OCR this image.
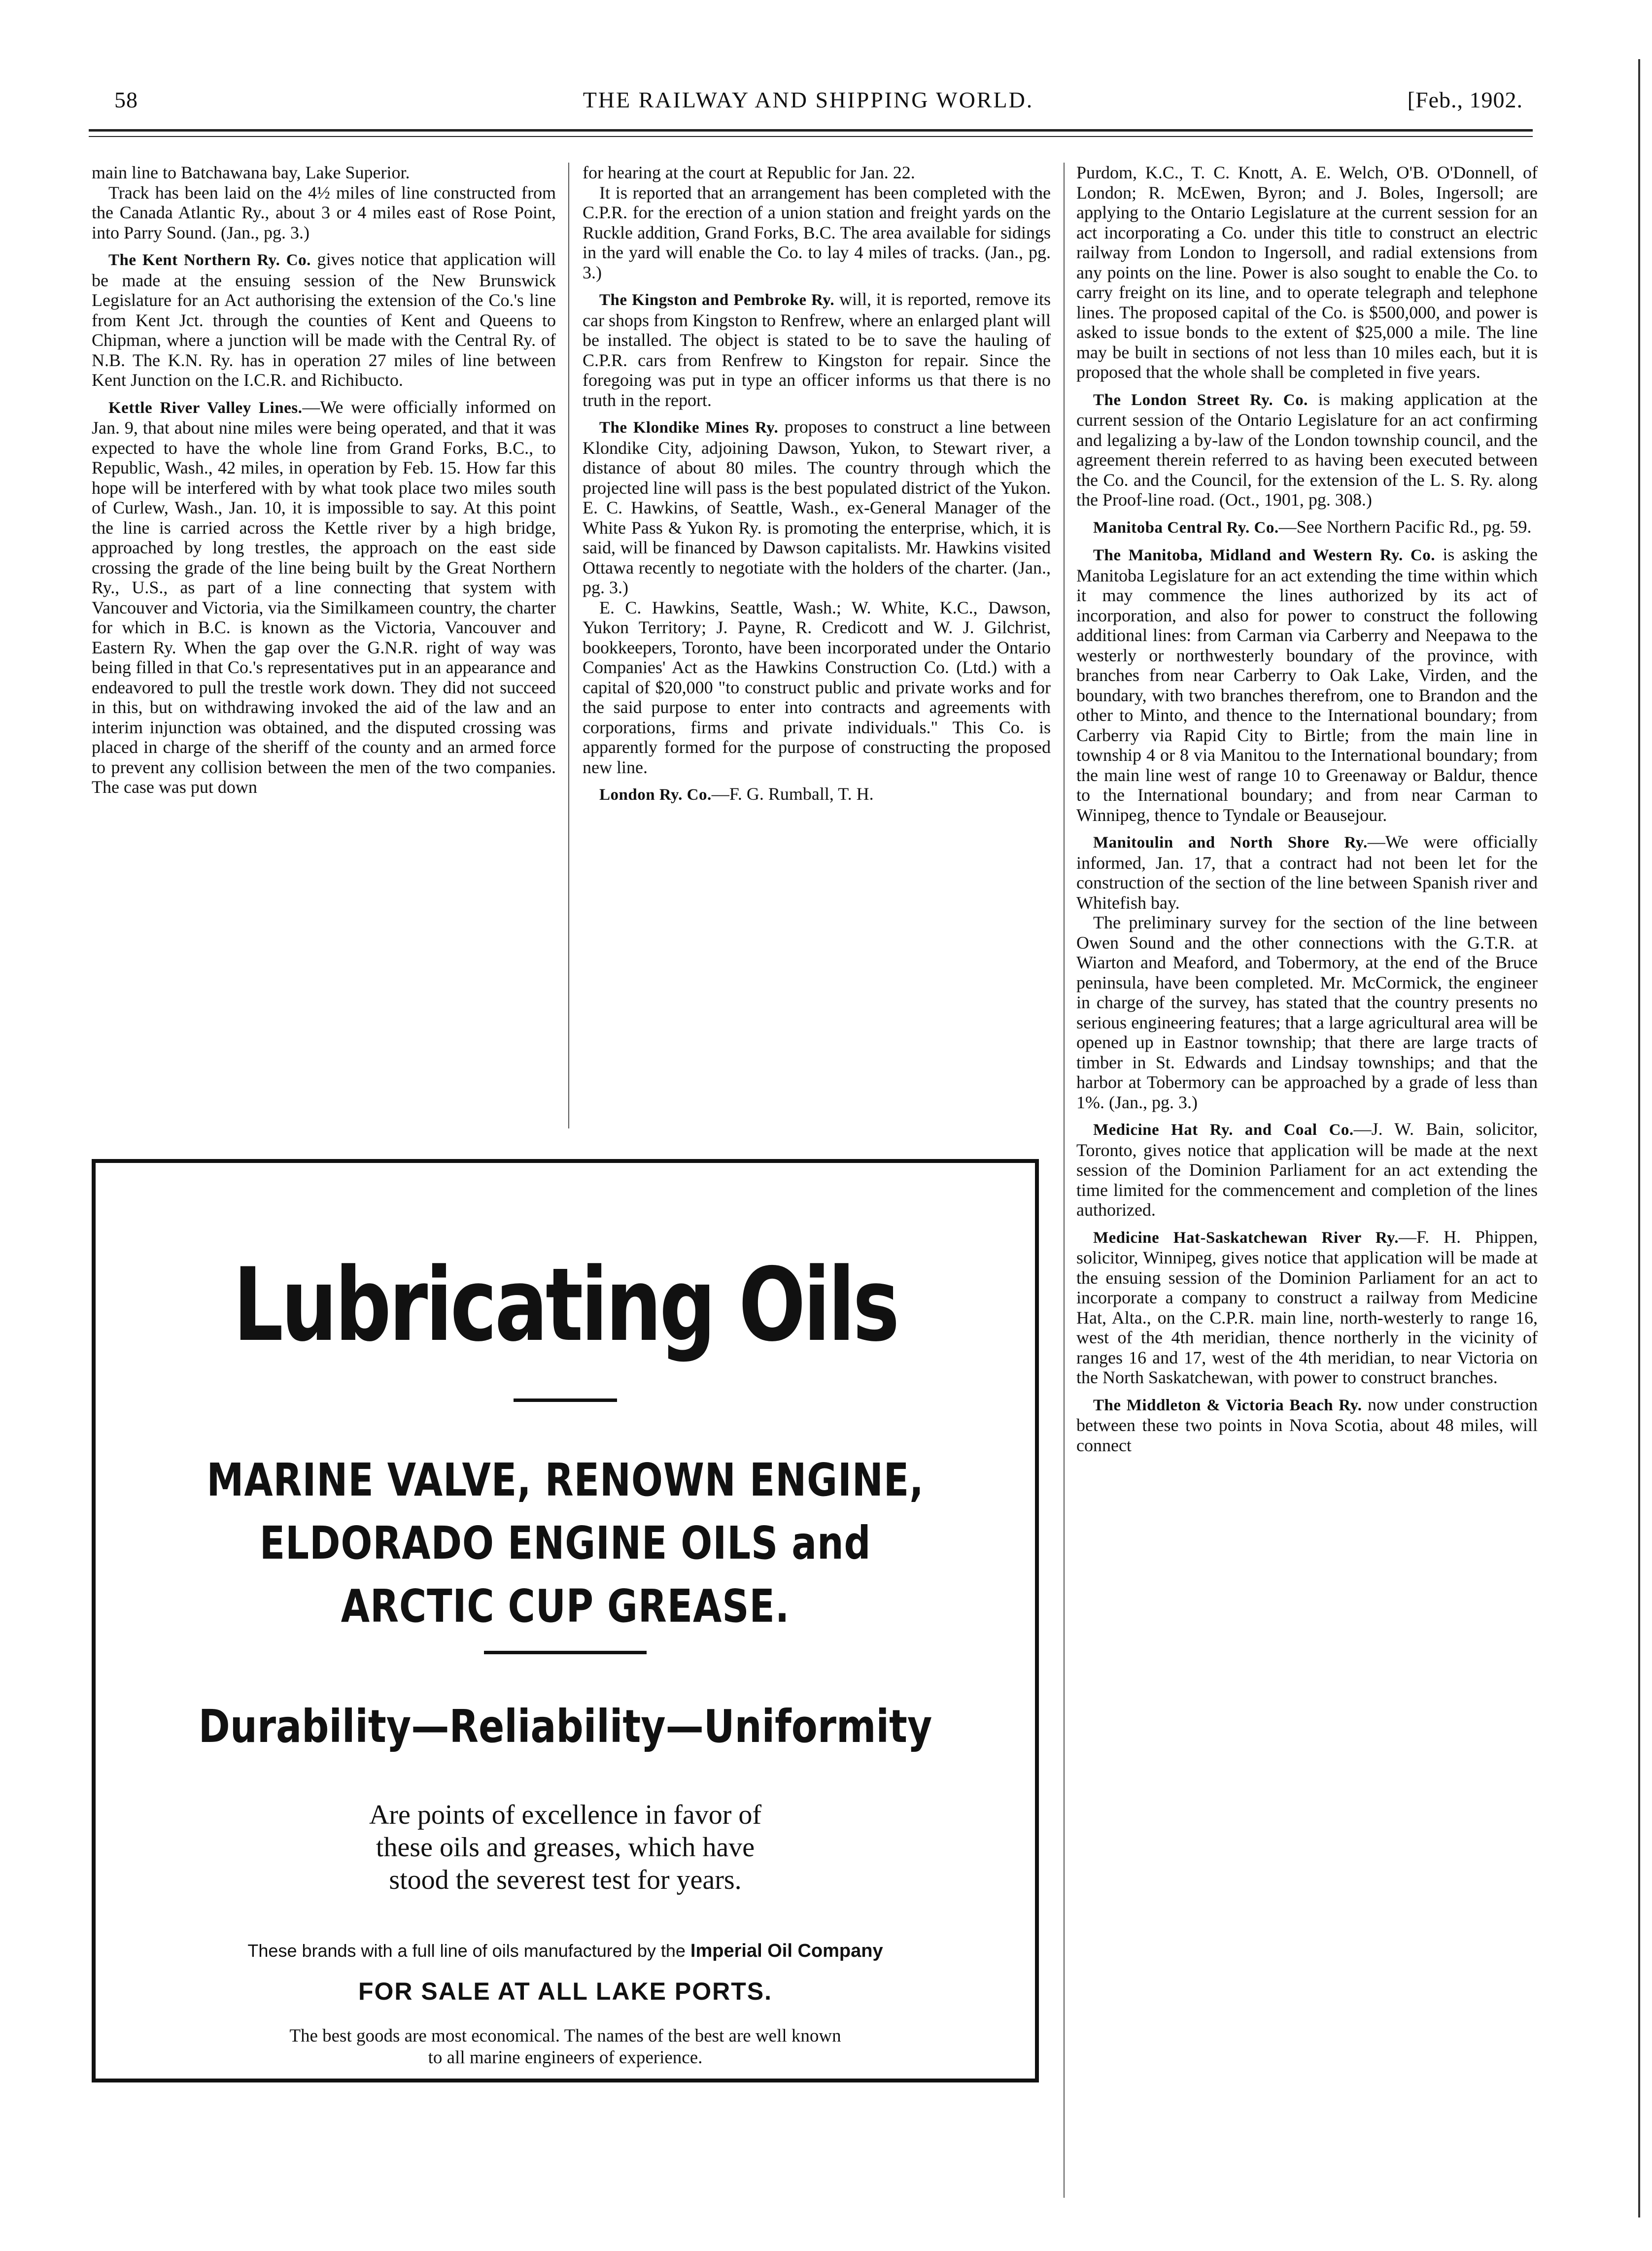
58	THE RAILWAY AND SHIPPING WORLD.	[Feb., 1902.

main line to Batchawana bay, Lake Superior.

Track has been laid on the 4½ miles of line constructed from the Canada Atlantic Ry., about 3 or 4 miles east of Rose Point, into Parry Sound. (Jan., pg. 3.)

The Kent Northern Ry. Co. gives notice that application will be made at the ensuing session of the New Brunswick Legislature for an Act authorising the extension of the Co.'s line from Kent Jct. through the counties of Kent and Queens to Chipman, where a junction will be made with the Central Ry. of N.B. The K.N. Ry. has in operation 27 miles of line between Kent Junction on the I.C.R. and Richibucto.

Kettle River Valley Lines.—We were officially informed on Jan. 9, that about nine miles were being operated, and that it was expected to have the whole line from Grand Forks, B.C., to Republic, Wash., 42 miles, in operation by Feb. 15. How far this hope will be interfered with by what took place two miles south of Curlew, Wash., Jan. 10, it is impossible to say. At this point the line is carried across the Kettle river by a high bridge, approached by long trestles, the approach on the east side crossing the grade of the line being built by the Great Northern Ry., U.S., as part of a line connecting that system with Vancouver and Victoria, via the Similkameen country, the charter for which in B.C. is known as the Victoria, Vancouver and Eastern Ry. When the gap over the G.N.R. right of way was being filled in that Co.'s representatives put in an appearance and endeavored to pull the trestle work down. They did not succeed in this, but on withdrawing invoked the aid of the law and an interim injunction was obtained, and the disputed crossing was placed in charge of the sheriff of the county and an armed force to prevent any collision between the men of the two companies. The case was put down

for hearing at the court at Republic for Jan. 22.

It is reported that an arrangement has been completed with the C.P.R. for the erection of a union station and freight yards on the Ruckle addition, Grand Forks, B.C. The area available for sidings in the yard will enable the Co. to lay 4 miles of tracks. (Jan., pg. 3.)

The Kingston and Pembroke Ry. will, it is reported, remove its car shops from Kingston to Renfrew, where an enlarged plant will be installed. The object is stated to be to save the hauling of C.P.R. cars from Renfrew to Kingston for repair. Since the foregoing was put in type an officer informs us that there is no truth in the report.

The Klondike Mines Ry. proposes to construct a line between Klondike City, adjoining Dawson, Yukon, to Stewart river, a distance of about 80 miles. The country through which the projected line will pass is the best populated district of the Yukon. E. C. Hawkins, of Seattle, Wash., ex-General Manager of the White Pass & Yukon Ry. is promoting the enterprise, which, it is said, will be financed by Dawson capitalists. Mr. Hawkins visited Ottawa recently to negotiate with the holders of the charter. (Jan., pg. 3.)

E. C. Hawkins, Seattle, Wash.; W. White, K.C., Dawson, Yukon Territory; J. Payne, R. Credicott and W. J. Gilchrist, bookkeepers, Toronto, have been incorporated under the Ontario Companies' Act as the Hawkins Construction Co. (Ltd.) with a capital of $20,000 "to construct public and private works and for the said purpose to enter into contracts and agreements with corporations, firms and private individuals." This Co. is apparently formed for the purpose of constructing the proposed new line.

London Ry. Co.—F. G. Rumball, T. H.

Purdom, K.C., T. C. Knott, A. E. Welch, O'B. O'Donnell, of London; R. McEwen, Byron; and J. Boles, Ingersoll; are applying to the Ontario Legislature at the current session for an act incorporating a Co. under this title to construct an electric railway from London to Ingersoll, and radial extensions from any points on the line. Power is also sought to enable the Co. to carry freight on its line, and to operate telegraph and telephone lines. The proposed capital of the Co. is $500,000, and power is asked to issue bonds to the extent of $25,000 a mile. The line may be built in sections of not less than 10 miles each, but it is proposed that the whole shall be completed in five years.

The London Street Ry. Co. is making application at the current session of the Ontario Legislature for an act confirming and legalizing a by-law of the London township council, and the agreement therein referred to as having been executed between the Co. and the Council, for the extension of the L. S. Ry. along the Proof-line road. (Oct., 1901, pg. 308.)

Manitoba Central Ry. Co.—See Northern Pacific Rd., pg. 59.

The Manitoba, Midland and Western Ry. Co. is asking the Manitoba Legislature for an act extending the time within which it may commence the lines authorized by its act of incorporation, and also for power to construct the following additional lines: from Carman via Carberry and Neepawa to the westerly or northwesterly boundary of the province, with branches from near Carberry to Oak Lake, Virden, and the boundary, with two branches therefrom, one to Brandon and the other to Minto, and thence to the International boundary; from Carberry via Rapid City to Birtle; from the main line in township 4 or 8 via Manitou to the International boundary; from the main line west of range 10 to Greenaway or Baldur, thence to the International boundary; and from near Carman to Winnipeg, thence to Tyndale or Beausejour.

Manitoulin and North Shore Ry.—We were officially informed, Jan. 17, that a contract had not been let for the construction of the section of the line between Spanish river and Whitefish bay.

The preliminary survey for the section of the line between Owen Sound and the other connections with the G.T.R. at Wiarton and Meaford, and Tobermory, at the end of the Bruce peninsula, have been completed. Mr. McCormick, the engineer in charge of the survey, has stated that the country presents no serious engineering features; that a large agricultural area will be opened up in Eastnor township; that there are large tracts of timber in St. Edwards and Lindsay townships; and that the harbor at Tobermory can be approached by a grade of less than 1%. (Jan., pg. 3.)

Medicine Hat Ry. and Coal Co.—J. W. Bain, solicitor, Toronto, gives notice that application will be made at the next session of the Dominion Parliament for an act extending the time limited for the commencement and completion of the lines authorized.

Medicine Hat-Saskatchewan River Ry.—F. H. Phippen, solicitor, Winnipeg, gives notice that application will be made at the ensuing session of the Dominion Parliament for an act to incorporate a company to construct a railway from Medicine Hat, Alta., on the C.P.R. main line, north-westerly to range 16, west of the 4th meridian, thence northerly in the vicinity of ranges 16 and 17, west of the 4th meridian, to near Victoria on the North Saskatchewan, with power to construct branches.

The Middleton & Victoria Beach Ry. now under construction between these two points in Nova Scotia, about 48 miles, will connect

Lubricating Oils
MARINE VALVE, RENOWN ENGINE,
ELDORADO ENGINE OILS and
ARCTIC CUP GREASE.
Durability—Reliability—Uniformity
Are points of excellence in favor of
these oils and greases, which have
stood the severest test for years.
These brands with a full line of oils manufactured by the Imperial Oil Company
FOR SALE AT ALL LAKE PORTS.
The best goods are most economical. The names of the best are well known
to all marine engineers of experience.
